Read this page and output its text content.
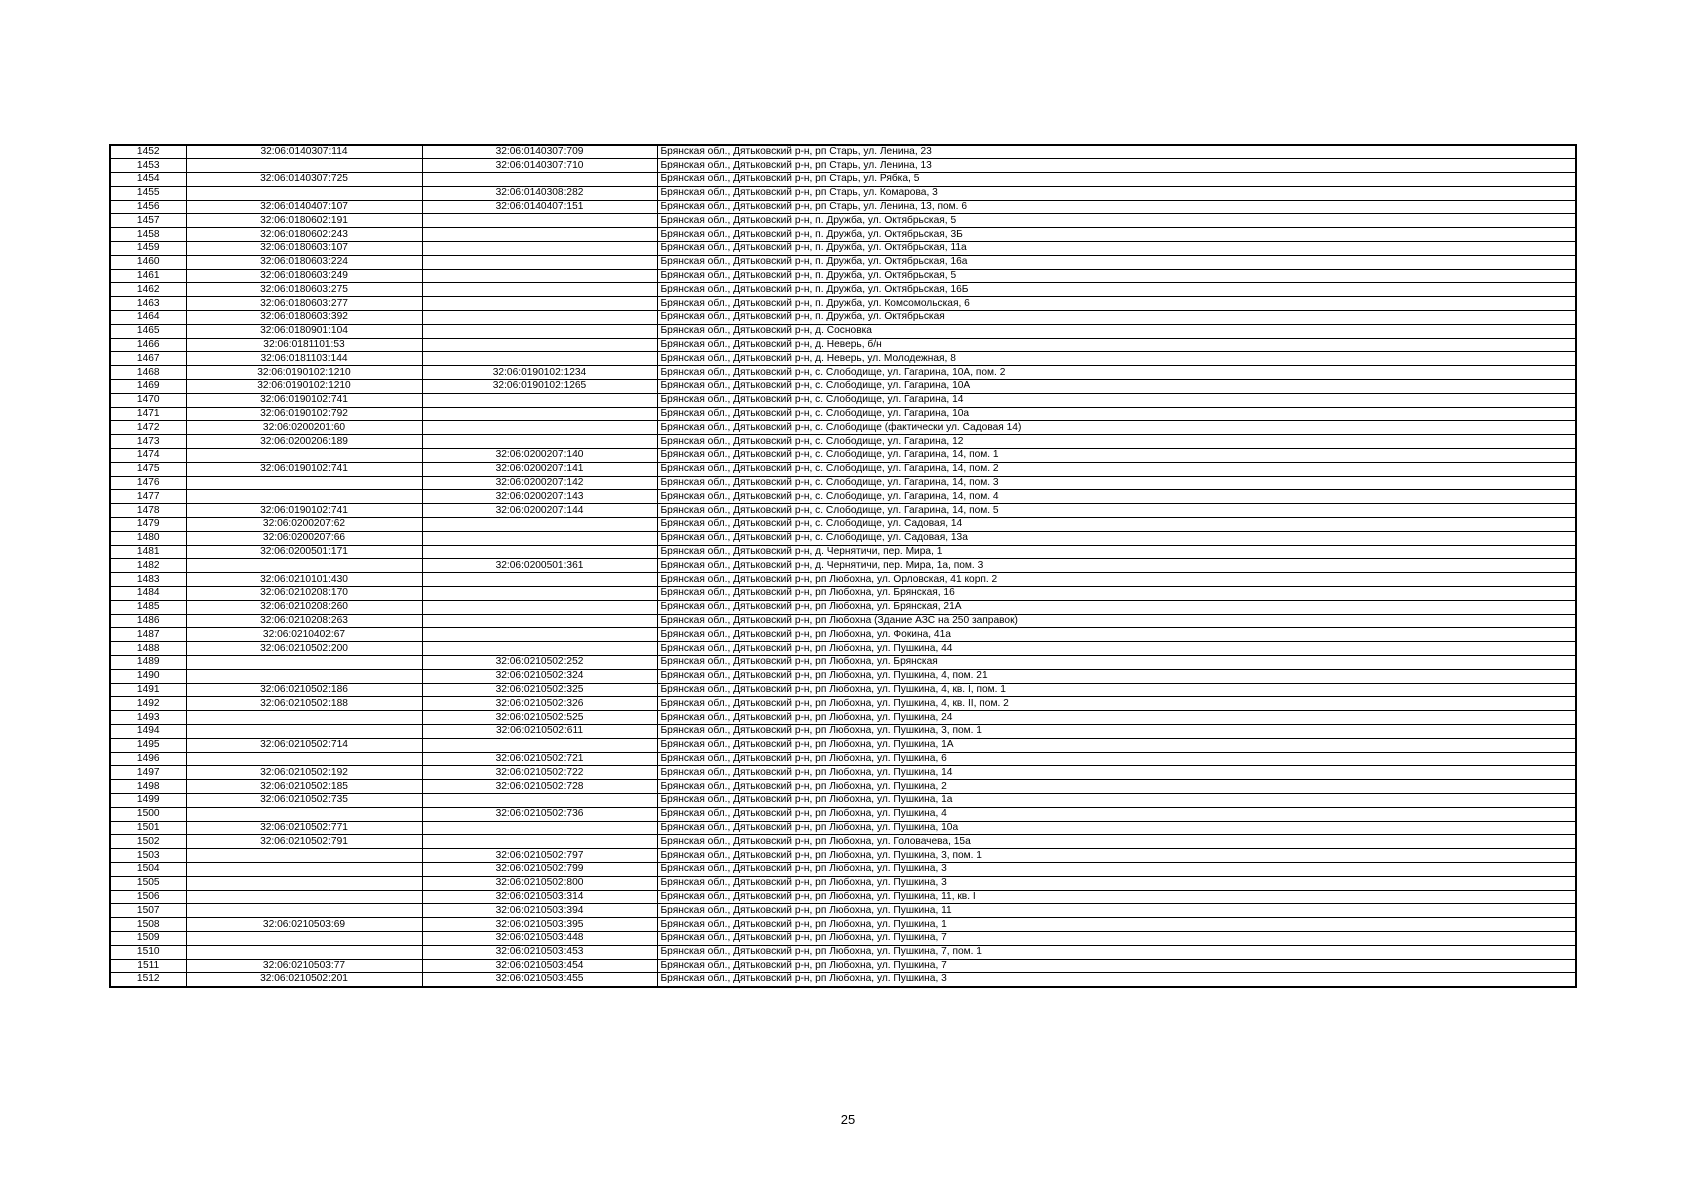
1452	32:06:0140307:114	32:06:0140307:709	Брянская обл., Дятьковский р-н, рп Старь, ул. Ленина, 23
1453		32:06:0140307:710	Брянская обл., Дятьковский р-н, рп Старь, ул. Ленина, 13
1454	32:06:0140307:725		Брянская обл., Дятьковский р-н, рп Старь, ул. Рябка, 5
1455		32:06:0140308:282	Брянская обл., Дятьковский р-н, рп Старь, ул. Комарова, 3
1456	32:06:0140407:107	32:06:0140407:151	Брянская обл., Дятьковский р-н, рп Старь, ул. Ленина, 13, пом. 6
1457	32:06:0180602:191		Брянская обл., Дятьковский р-н, п. Дружба, ул. Октябрьская, 5
1458	32:06:0180602:243		Брянская обл., Дятьковский р-н, п. Дружба, ул. Октябрьская, 3Б
1459	32:06:0180603:107		Брянская обл., Дятьковский р-н, п. Дружба, ул. Октябрьская, 11а
1460	32:06:0180603:224		Брянская обл., Дятьковский р-н, п. Дружба, ул. Октябрьская, 16а
1461	32:06:0180603:249		Брянская обл., Дятьковский р-н, п. Дружба, ул. Октябрьская, 5
1462	32:06:0180603:275		Брянская обл., Дятьковский р-н, п. Дружба, ул. Октябрьская, 16Б
1463	32:06:0180603:277		Брянская обл., Дятьковский р-н, п. Дружба, ул. Комсомольская, 6
1464	32:06:0180603:392		Брянская обл., Дятьковский р-н, п. Дружба, ул. Октябрьская
1465	32:06:0180901:104		Брянская обл., Дятьковский р-н, д. Сосновка
1466	32:06:0181101:53		Брянская обл., Дятьковский р-н, д. Неверь, б/н
1467	32:06:0181103:144		Брянская обл., Дятьковский р-н, д. Неверь, ул. Молодежная, 8
1468	32:06:0190102:1210	32:06:0190102:1234	Брянская обл., Дятьковский р-н, с. Слободище, ул. Гагарина, 10А, пом. 2
1469	32:06:0190102:1210	32:06:0190102:1265	Брянская обл., Дятьковский р-н, с. Слободище, ул. Гагарина, 10А
1470	32:06:0190102:741		Брянская обл., Дятьковский р-н, с. Слободище, ул. Гагарина, 14
1471	32:06:0190102:792		Брянская обл., Дятьковский р-н, с. Слободище, ул. Гагарина, 10а
1472	32:06:0200201:60		Брянская обл., Дятьковский р-н, с. Слободище (фактически ул. Садовая 14)
1473	32:06:0200206:189		Брянская обл., Дятьковский р-н, с. Слободище, ул. Гагарина, 12
1474		32:06:0200207:140	Брянская обл., Дятьковский р-н, с. Слободище, ул. Гагарина, 14, пом. 1
1475	32:06:0190102:741	32:06:0200207:141	Брянская обл., Дятьковский р-н, с. Слободище, ул. Гагарина, 14, пом. 2
1476		32:06:0200207:142	Брянская обл., Дятьковский р-н, с. Слободище, ул. Гагарина, 14, пом. 3
1477		32:06:0200207:143	Брянская обл., Дятьковский р-н, с. Слободище, ул. Гагарина, 14, пом. 4
1478	32:06:0190102:741	32:06:0200207:144	Брянская обл., Дятьковский р-н, с. Слободище, ул. Гагарина, 14, пом. 5
1479	32:06:0200207:62		Брянская обл., Дятьковский р-н, с. Слободище, ул. Садовая, 14
1480	32:06:0200207:66		Брянская обл., Дятьковский р-н, с. Слободище, ул. Садовая, 13а
1481	32:06:0200501:171		Брянская обл., Дятьковский р-н, д. Чернятичи, пер. Мира, 1
1482		32:06:0200501:361	Брянская обл., Дятьковский р-н, д. Чернятичи, пер. Мира, 1а, пом. 3
1483	32:06:0210101:430		Брянская обл., Дятьковский р-н, рп Любохна, ул. Орловская, 41 корп. 2
1484	32:06:0210208:170		Брянская обл., Дятьковский р-н, рп Любохна, ул. Брянская, 16
1485	32:06:0210208:260		Брянская обл., Дятьковский р-н, рп Любохна, ул. Брянская, 21А
1486	32:06:0210208:263		Брянская обл., Дятьковский р-н, рп Любохна (Здание АЗС на 250 заправок)
1487	32:06:0210402:67		Брянская обл., Дятьковский р-н, рп Любохна, ул. Фокина, 41а
1488	32:06:0210502:200		Брянская обл., Дятьковский р-н, рп Любохна, ул. Пушкина, 44
1489		32:06:0210502:252	Брянская обл., Дятьковский р-н, рп Любохна, ул. Брянская
1490		32:06:0210502:324	Брянская обл., Дятьковский р-н, рп Любохна, ул. Пушкина, 4, пом. 21
1491	32:06:0210502:186	32:06:0210502:325	Брянская обл., Дятьковский р-н, рп Любохна, ул. Пушкина, 4, кв. I, пом. 1
1492	32:06:0210502:188	32:06:0210502:326	Брянская обл., Дятьковский р-н, рп Любохна, ул. Пушкина, 4, кв. II, пом. 2
1493		32:06:0210502:525	Брянская обл., Дятьковский р-н, рп Любохна, ул. Пушкина, 24
1494		32:06:0210502:611	Брянская обл., Дятьковский р-н, рп Любохна, ул. Пушкина, 3, пом. 1
1495	32:06:0210502:714		Брянская обл., Дятьковский р-н, рп Любохна, ул. Пушкина, 1А
1496		32:06:0210502:721	Брянская обл., Дятьковский р-н, рп Любохна, ул. Пушкина, 6
1497	32:06:0210502:192	32:06:0210502:722	Брянская обл., Дятьковский р-н, рп Любохна, ул. Пушкина, 14
1498	32:06:0210502:185	32:06:0210502:728	Брянская обл., Дятьковский р-н, рп Любохна, ул. Пушкина, 2
1499	32:06:0210502:735		Брянская обл., Дятьковский р-н, рп Любохна, ул. Пушкина, 1а
1500		32:06:0210502:736	Брянская обл., Дятьковский р-н, рп Любохна, ул. Пушкина, 4
1501	32:06:0210502:771		Брянская обл., Дятьковский р-н, рп Любохна, ул. Пушкина, 10а
1502	32:06:0210502:791		Брянская обл., Дятьковский р-н, рп Любохна, ул. Головачева, 15а
1503		32:06:0210502:797	Брянская обл., Дятьковский р-н, рп Любохна, ул. Пушкина, 3, пом. 1
1504		32:06:0210502:799	Брянская обл., Дятьковский р-н, рп Любохна, ул. Пушкина, 3
1505		32:06:0210502:800	Брянская обл., Дятьковский р-н, рп Любохна, ул. Пушкина, 3
1506		32:06:0210503:314	Брянская обл., Дятьковский р-н, рп Любохна, ул. Пушкина, 11, кв. I
1507		32:06:0210503:394	Брянская обл., Дятьковский р-н, рп Любохна, ул. Пушкина, 11
1508	32:06:0210503:69	32:06:0210503:395	Брянская обл., Дятьковский р-н, рп Любохна, ул. Пушкина, 1
1509		32:06:0210503:448	Брянская обл., Дятьковский р-н, рп Любохна, ул. Пушкина, 7
1510		32:06:0210503:453	Брянская обл., Дятьковский р-н, рп Любохна, ул. Пушкина, 7, пом. 1
1511	32:06:0210503:77	32:06:0210503:454	Брянская обл., Дятьковский р-н, рп Любохна, ул. Пушкина, 7
1512	32:06:0210502:201	32:06:0210503:455	Брянская обл., Дятьковский р-н, рп Любохна, ул. Пушкина, 3
25
